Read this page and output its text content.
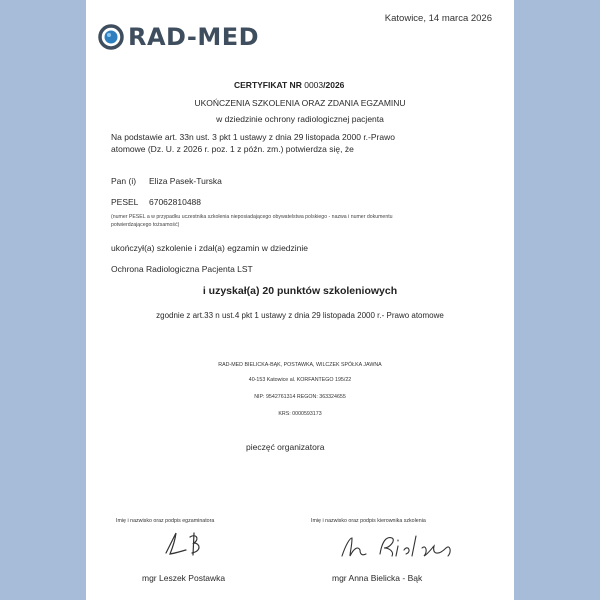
RAD-MED
Katowice, 14 marca 2026
CERTYFIKAT NR 0003/2026
UKOŃCZENIA SZKOLENIA ORAZ ZDANIA EGZAMINU
w dziedzinie ochrony radiologicznej pacjenta
Na podstawie art. 33n ust. 3 pkt 1 ustawy z dnia 29 listopada 2000 r.-Prawo
atomowe (Dz. U. z 2026 r. poz. 1 z późn. zm.) potwierdza się, że
Pan (i) Eliza Pasek-Turska
PESEL 67062810488
(numer PESEL a w przypadku uczestnika szkolenia nieposiadającego obywatelstwa polskiego - nazwa i numer dokumentu
potwierdzającego tożsamość)
ukończył(a) szkolenie i zdał(a) egzamin w dziedzinie
Ochrona Radiologiczna Pacjenta LST
i uzyskał(a) 20 punktów szkoleniowych
zgodnie z art.33 n ust.4 pkt 1 ustawy z dnia 29 listopada 2000 r.- Prawo atomowe
RAD-MED BIELICKA-BĄK, POSTAWKA, WILCZEK SPÓŁKA JAWNA
40-153 Katowice al. KORFANTEGO 195/22
NIP: 9542761314 REGON: 363324655
KRS: 0000593173
pieczęć organizatora
Imię i nazwisko oraz podpis egzaminatora	Imię i nazwisko oraz podpis kierownika szkolenia
mgr Leszek Postawka	mgr Anna Bielicka - Bąk
